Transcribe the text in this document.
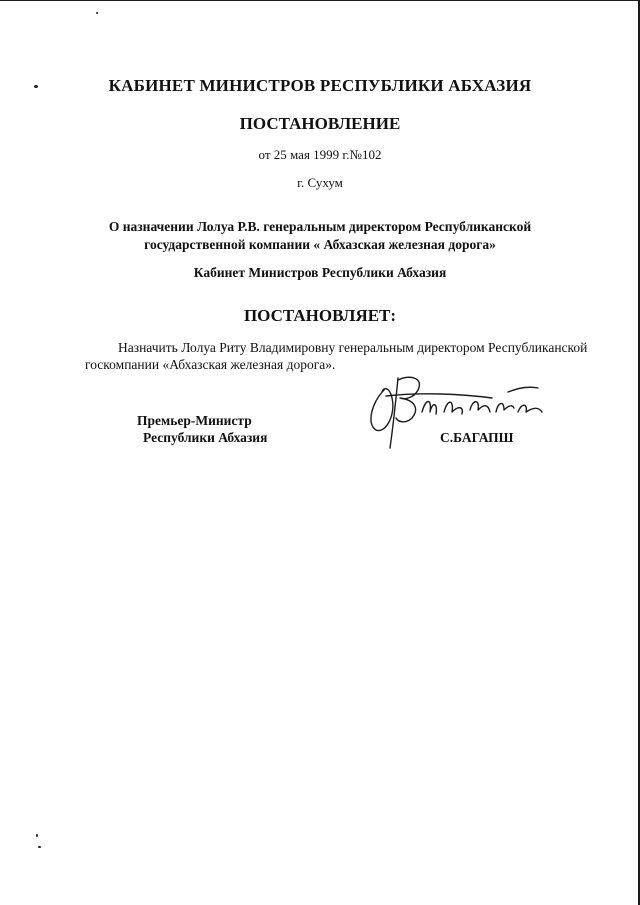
КАБИНЕТ МИНИСТРОВ РЕСПУБЛИКИ АБХАЗИЯ
ПОСТАНОВЛЕНИЕ
от 25 мая 1999 г.№102
г. Сухум
О назначении Лолуа Р.В. генеральным директором Республиканской
государственной компании « Абхазская железная дорога»
Кабинет Министров Республики Абхазия
ПОСТАНОВЛЯЕТ:
Назначить Лолуа Риту Владимировну генеральным директором Республиканской
госкомпании «Абхазская железная дорога».
Премьер-Министр
Республики Абхазия	С.БАГАПШ
